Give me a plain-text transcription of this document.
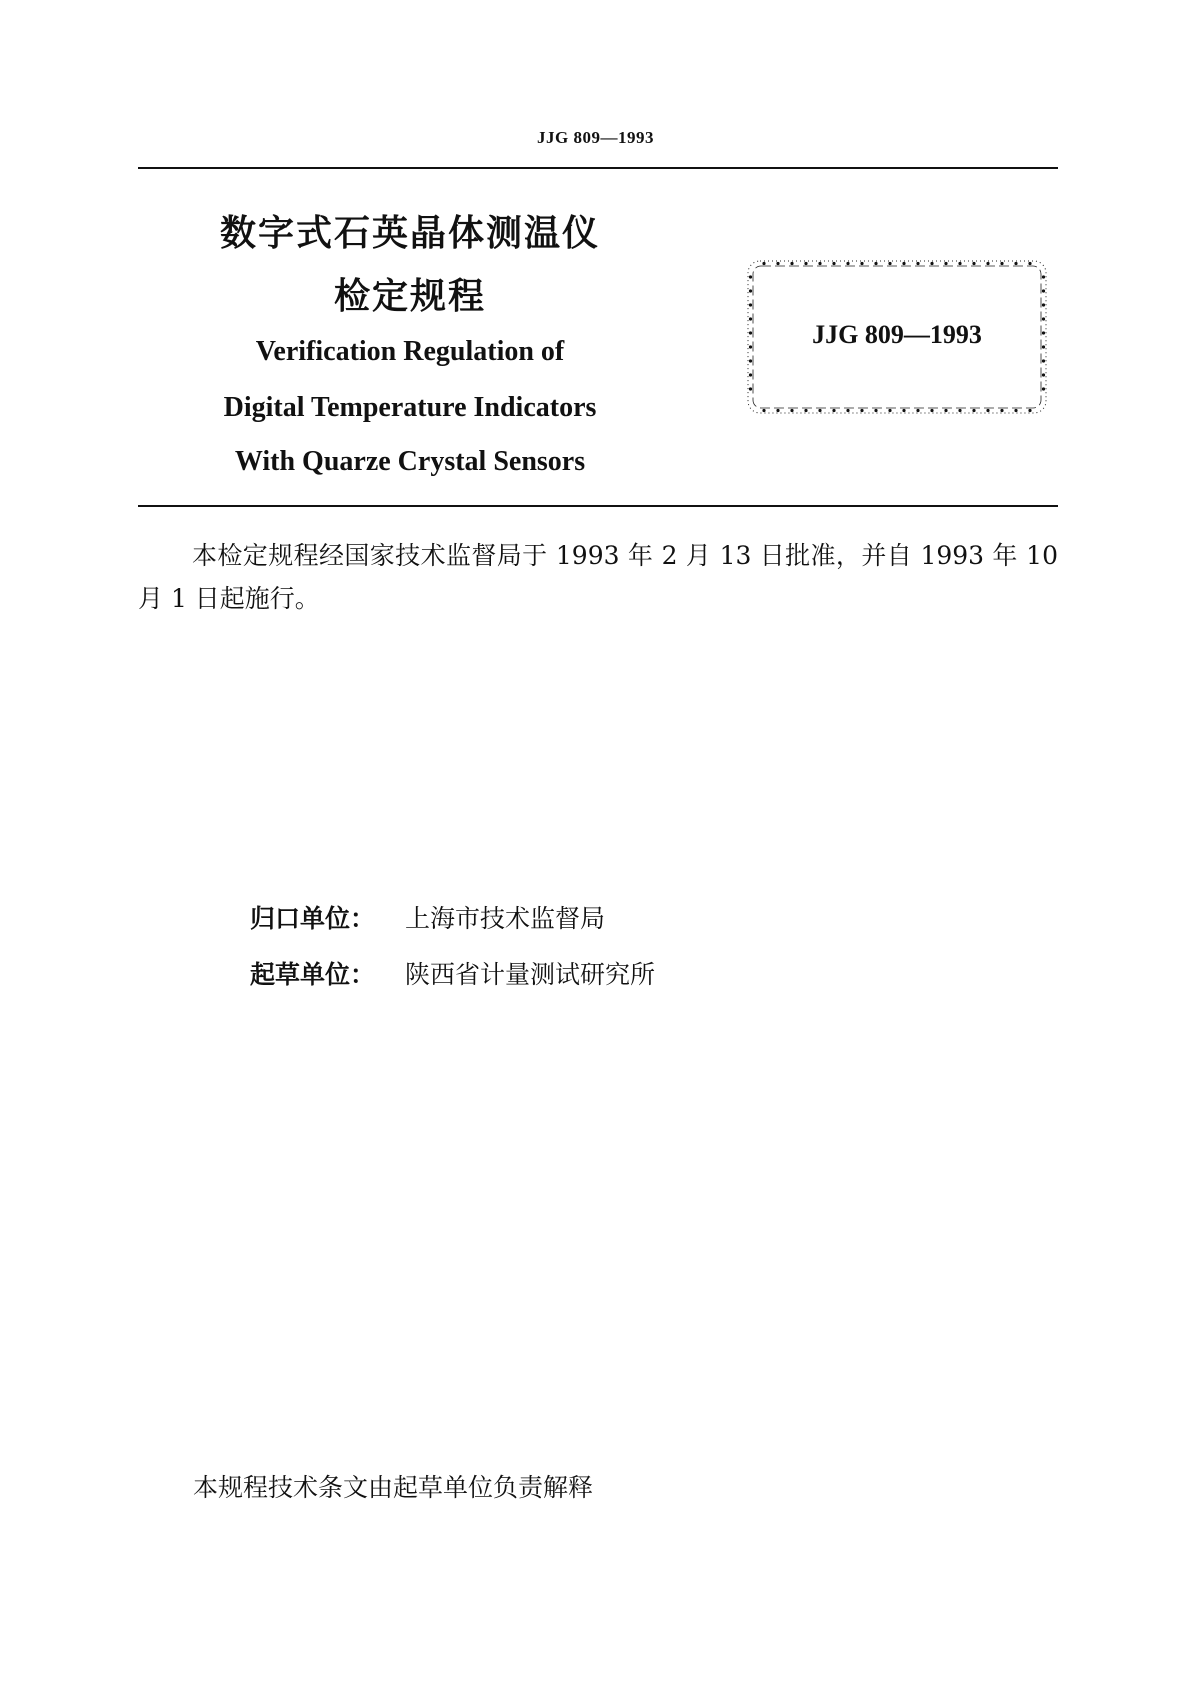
JJG 809—1993
数字式石英晶体测温仪
检定规程
Verification Regulation of
Digital Temperature Indicators
With Quarze Crystal Sensors
JJG 809—1993
本检定规程经国家技术监督局于 1993 年 2 月 13 日批准，并自 1993 年 10 月 1 日起施行。
归口单位： 上海市技术监督局
起草单位： 陕西省计量测试研究所
本规程技术条文由起草单位负责解释
